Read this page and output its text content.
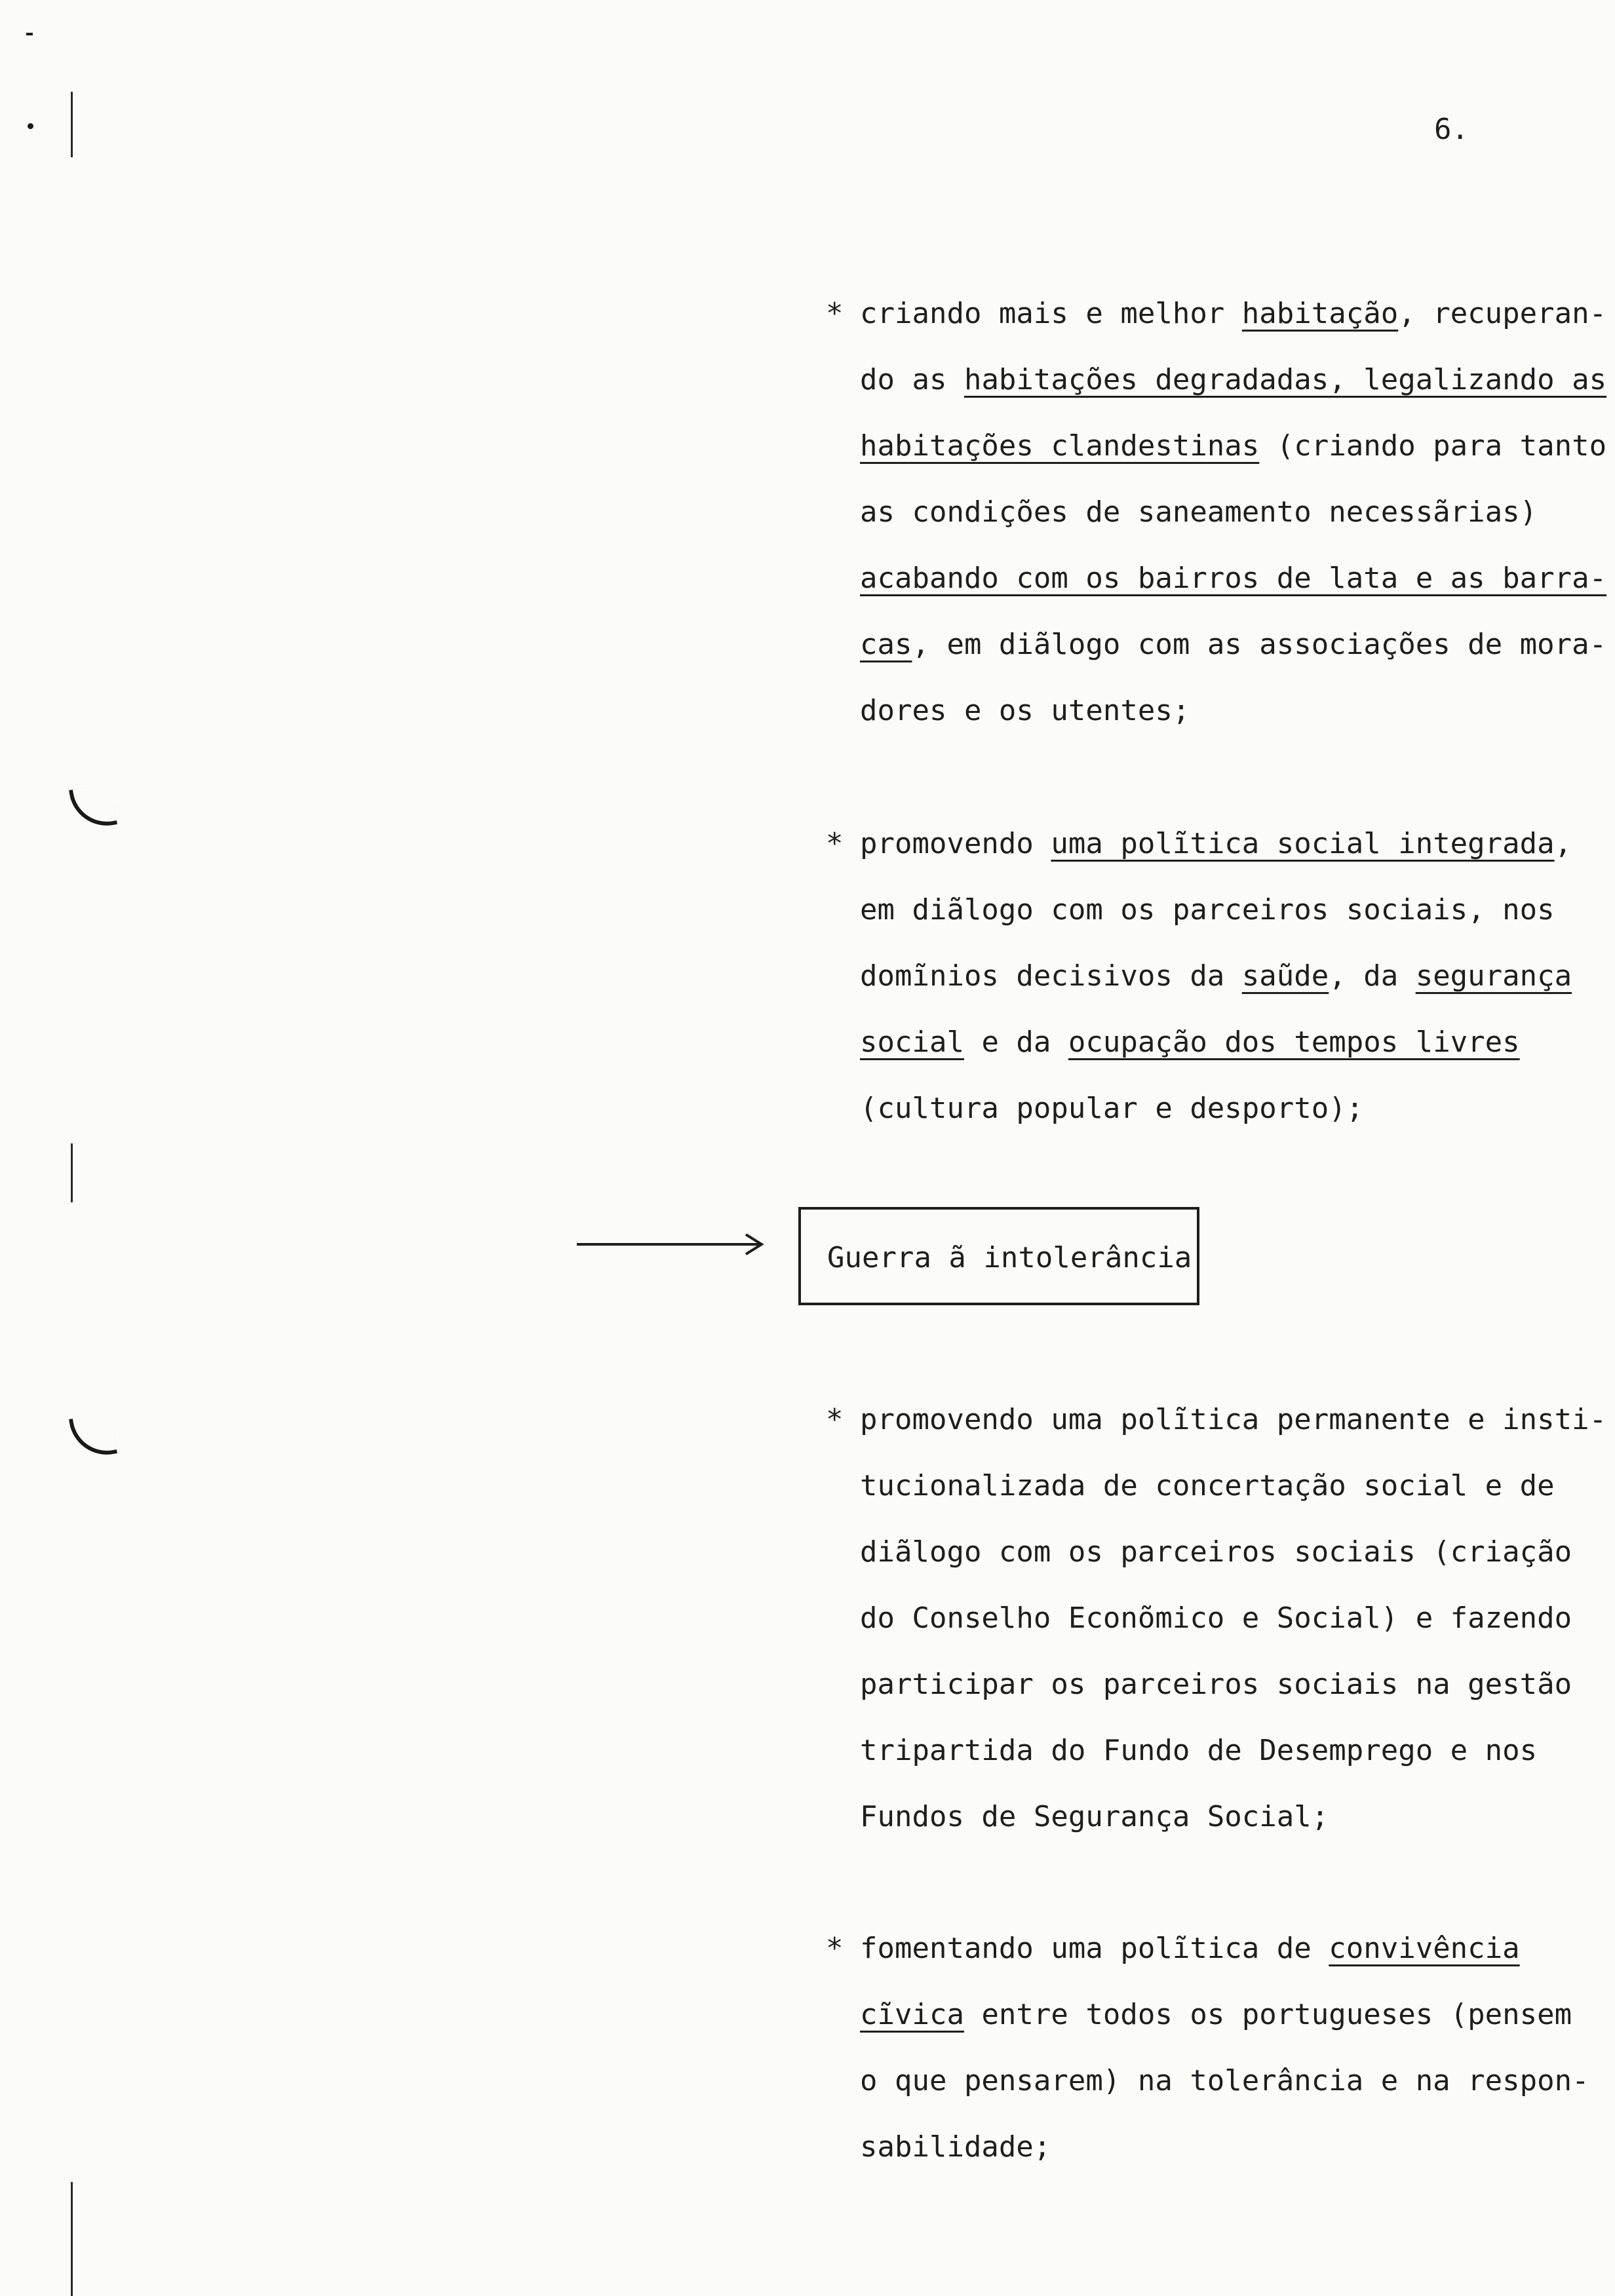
6.
* criando mais e melhor habitação, recuperan-
do as habitações degradadas, legalizando as
habitações clandestinas (criando para tanto
as condições de saneamento necessãrias)
acabando com os bairros de lata e as barra-
cas, em diãlogo com as associações de mora-
dores e os utentes;
* promovendo uma polĩtica social integrada,
em diãlogo com os parceiros sociais, nos
domĩnios decisivos da saũde, da segurança
social e da ocupação dos tempos livres
(cultura popular e desporto);
Guerra ã intolerância
* promovendo uma polĩtica permanente e insti-
tucionalizada de concertação social e de
diãlogo com os parceiros sociais (criação
do Conselho Econõmico e Social) e fazendo
participar os parceiros sociais na gestão
tripartida do Fundo de Desemprego e nos
Fundos de Segurança Social;
* fomentando uma polĩtica de convivência
cĩvica entre todos os portugueses (pensem
o que pensarem) na tolerância e na respon-
sabilidade;
